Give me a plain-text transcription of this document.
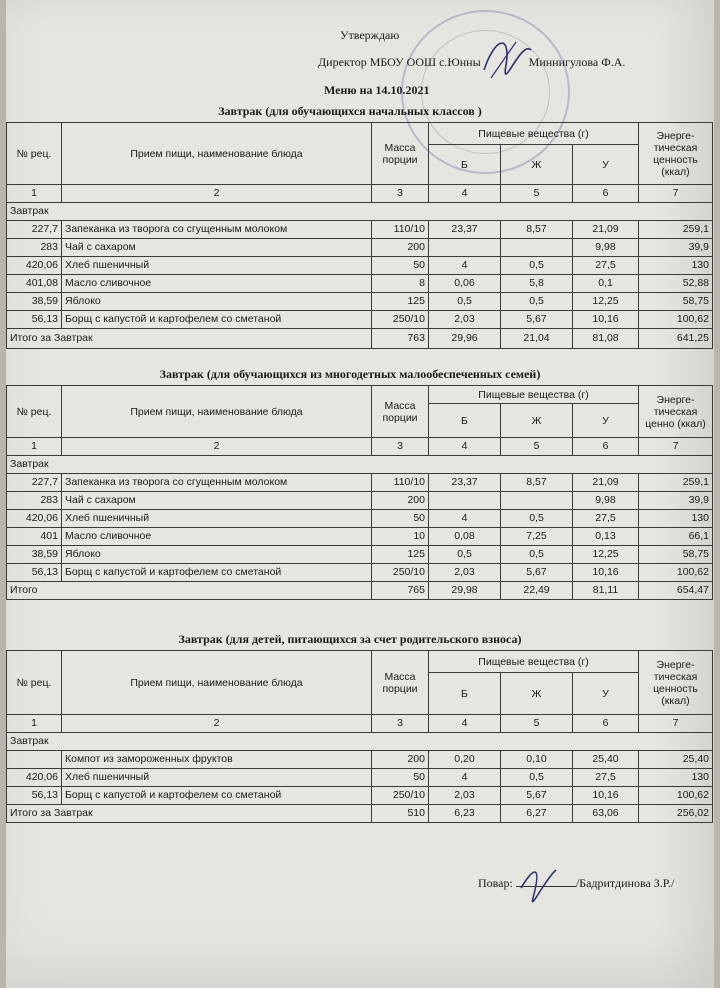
Утверждаю
Директор МБОУ ООШ с.Юнны	Миннигулова Ф.А.
Меню на 14.10.2021
Завтрак (для обучающихся начальных классов )
№ рец.	Прием пищи, наименование блюда	Масса порции	Пищевые вещества (г)			Энерге-тическая ценность (ккал)
			Б	Ж	У	
1	2	3	4	5	6	7
Завтрак						
227,7	Запеканка из творога со сгущенным молоком	110/10	23,37	8,57	21,09	259,1
283	Чай с сахаром	200			9,98	39,9
420,06	Хлеб пшеничный	50	4	0,5	27,5	130
401,08	Масло сливочное	8	0,06	5,8	0,1	52,88
38,59	Яблоко	125	0,5	0,5	12,25	58,75
56,13	Борщ с капустой и картофелем со сметаной	250/10	2,03	5,67	10,16	100,62
Итого за Завтрак		763	29,96	21,04	81,08	641,25
Завтрак (для обучающихся из многодетных малообеспеченных семей)
№ рец.	Прием пищи, наименование блюда	Масса порции	Пищевые вещества (г)			Энерге-тическая ценно (ккал)
			Б	Ж	У	
1	2	3	4	5	6	7
Завтрак						
227,7	Запеканка из творога со сгущенным молоком	110/10	23,37	8,57	21,09	259,1
283	Чай с сахаром	200			9,98	39,9
420,06	Хлеб пшеничный	50	4	0,5	27,5	130
401	Масло сливочное	10	0,08	7,25	0,13	66,1
38,59	Яблоко	125	0,5	0,5	12,25	58,75
56,13	Борщ с капустой и картофелем со сметаной	250/10	2,03	5,67	10,16	100,62
Итого		765	29,98	22,49	81,11	654,47
Завтрак (для детей, питающихся за счет родительского взноса)
№ рец.	Прием пищи, наименование блюда	Масса порции	Пищевые вещества (г)			Энерге-тическая ценность (ккал)
			Б	Ж	У	
1	2	3	4	5	6	7
Завтрак						
	Компот из замороженных фруктов	200	0,20	0,10	25,40	25,40
420,06	Хлеб пшеничный	50	4	0,5	27,5	130
56,13	Борщ с капустой и картофелем со сметаной	250/10	2,03	5,67	10,16	100,62
Итого за Завтрак		510	6,23	6,27	63,06	256,02
Повар:	/Бадритдинова З.Р./
